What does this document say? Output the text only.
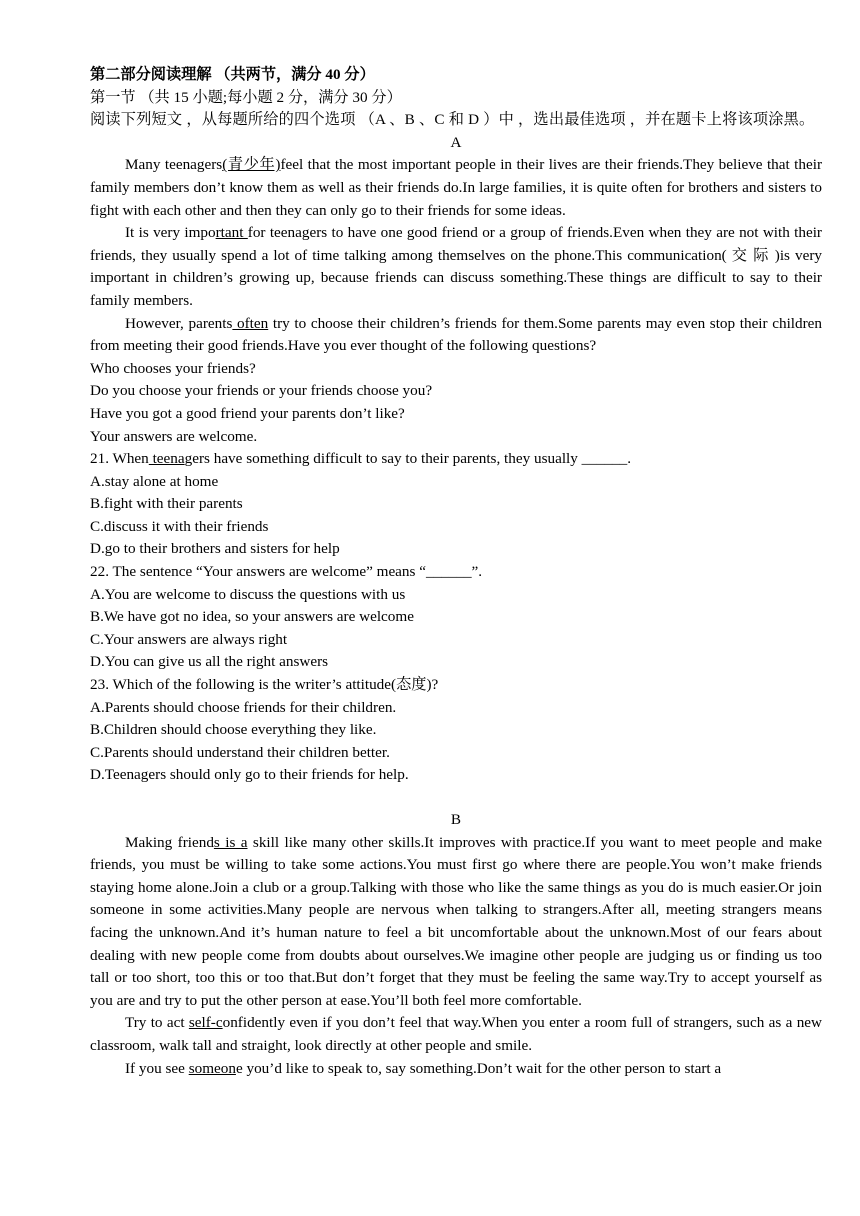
第二部分阅读理解 （共两节，满分 40 分）
第一节 （共 15 小题;每小题 2 分，满分 30 分）

阅读下列短文 ，从每题所给的四个选项 （A 、B 、C 和 D ）中 ，选出最佳选项 ，并在题卡上将该项涂黑。

A

Many teenagers(青少年)feel that the most important people in their lives are their friends.They believe that their family members don’t know them as well as their friends do.In large families, it is quite often for brothers and sisters to fight with each other and then they can only go to their friends for some ideas.

It is very important for teenagers to have one good friend or a group of friends.Even when they are not with their friends, they usually spend a lot of time talking among themselves on the phone.This communication( 交 际 )is very important in children’s growing up, because friends can discuss something.These things are difficult to say to their family members.

However, parents often try to choose their children’s friends for them.Some parents may even stop their children from meeting their good friends.Have you ever thought of the following questions?

Who chooses your friends?
Do you choose your friends or your friends choose you?
Have you got a good friend your parents don’t like?
Your answers are welcome.
21. When teenagers have something difficult to say to their parents, they usually ______.
A.stay alone at home
B.fight with their parents
C.discuss it with their friends
D.go to their brothers and sisters for help
22. The sentence “Your answers are welcome” means “______”.
A.You are welcome to discuss the questions with us
B.We have got no idea, so your answers are welcome
C.Your answers are always right
D.You can give us all the right answers
23. Which of the following is the writer’s attitude(态度)?
A.Parents should choose friends for their children.
B.Children should choose everything they like.
C.Parents should understand their children better.
D.Teenagers should only go to their friends for help.
B

Making friends is a skill like many other skills.It improves with practice.If you want to meet people and make friends, you must be willing to take some actions.You must first go where there are people.You won’t make friends staying home alone.Join a club or a group.Talking with those who like the same things as you do is much easier.Or join someone in some activities.Many people are nervous when talking to strangers.After all, meeting strangers means facing the unknown.And it’s human nature to feel a bit uncomfortable about the unknown.Most of our fears about dealing with new people come from doubts about ourselves.We imagine other people are judging us or finding us too tall or too short, too this or too that.But don’t forget that they must be feeling the same way.Try to accept yourself as you are and try to put the other person at ease.You’ll both feel more comfortable.

Try to act self-confidently even if you don’t feel that way.When you enter a room full of strangers, such as a new classroom, walk tall and straight, look directly at other people and smile.

If you see someone you’d like to speak to, say something.Don’t wait for the other person to start a
